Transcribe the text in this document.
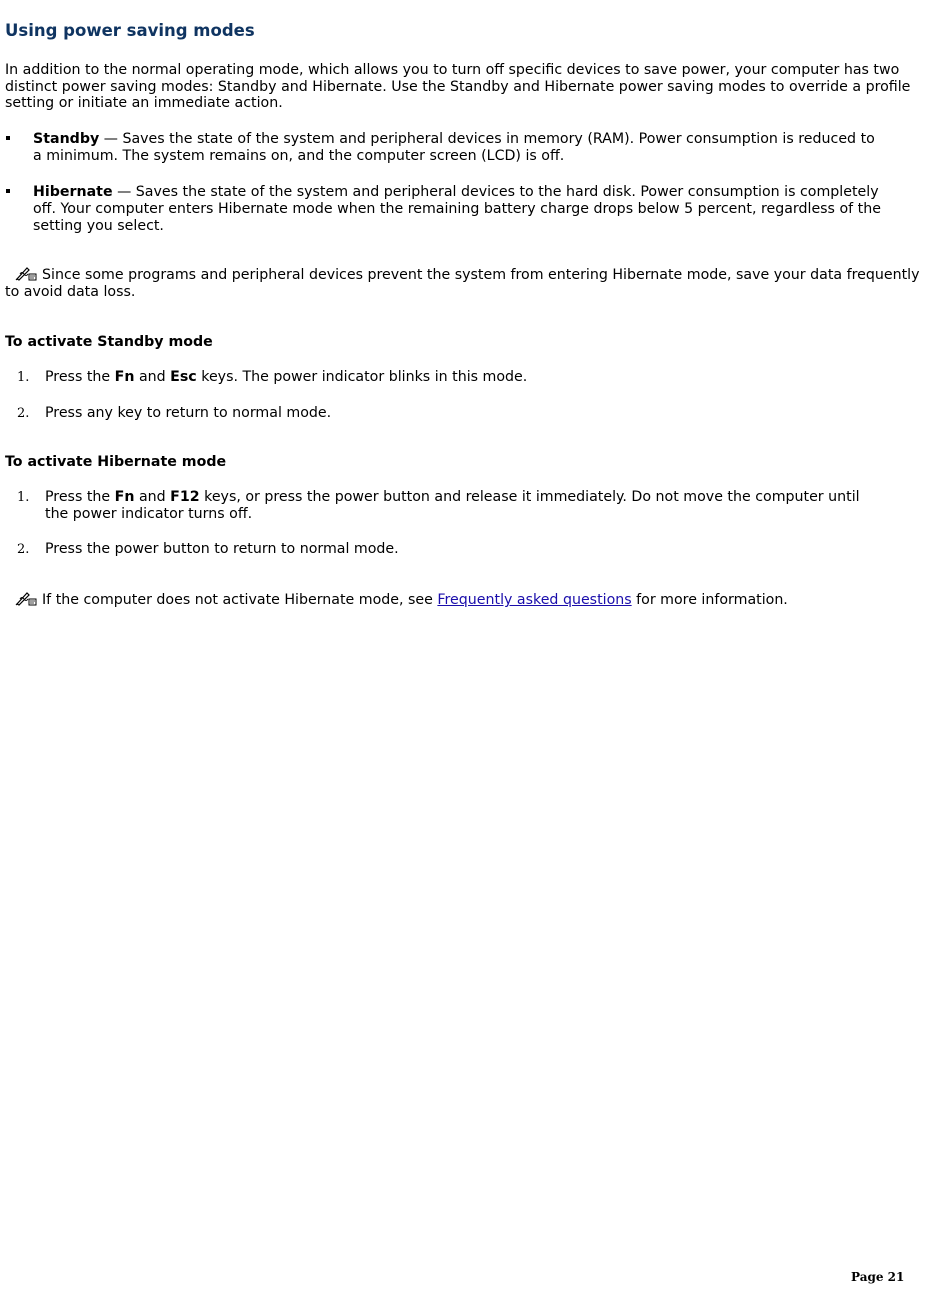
Using power saving modes

In addition to the normal operating mode, which allows you to turn off specific devices to save power, your computer has two distinct power saving modes: Standby and Hibernate. Use the Standby and Hibernate power saving modes to override a profile setting or initiate an immediate action.

Standby — Saves the state of the system and peripheral devices in memory (RAM). Power consumption is reduced to a minimum. The system remains on, and the computer screen (LCD) is off.
Hibernate — Saves the state of the system and peripheral devices to the hard disk. Power consumption is completely off. Your computer enters Hibernate mode when the remaining battery charge drops below 5 percent, regardless of the setting you select.
Since some programs and peripheral devices prevent the system from entering Hibernate mode, save your data frequently to avoid data loss.
To activate Standby mode
1. Press the Fn and Esc keys. The power indicator blinks in this mode.
2. Press any key to return to normal mode.
To activate Hibernate mode
1. Press the Fn and F12 keys, or press the power button and release it immediately. Do not move the computer until the power indicator turns off.
2. Press the power button to return to normal mode.
If the computer does not activate Hibernate mode, see Frequently asked questions for more information.
Page 21
